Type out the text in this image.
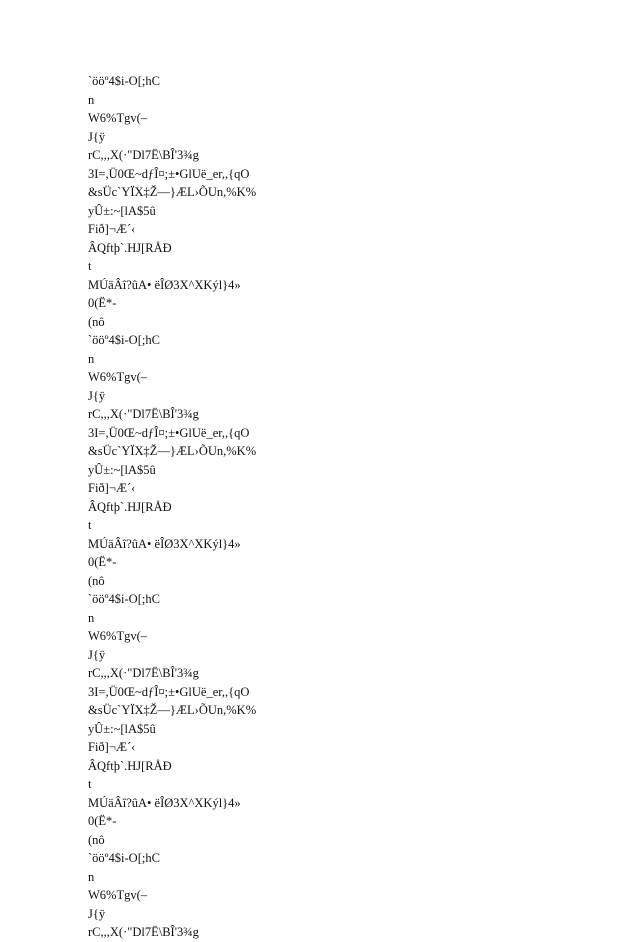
`ööº4$i-O[;hC
n
W6%Tgv(–
J{ÿ
rC,,,X(·"Dl7Ë\BÎ'3¾g
3I=,Ü0Œ~dƒÎ¤;±•GlUë_er,,{qO
&sÜc`YÏX‡Ž—}ÆL›ÕUn,%K%
yÛ±:~[lA$5û
Fið]¬Æ´‹
ÂQftþ`.HJ[RÅÐ
t
MÚäÂî?ûA• ëÎØ3X^XKýl}4»
0(Ë*-
(nô
`ööº4$i-O[;hC
n
W6%Tgv(–
J{ÿ
rC,,,X(·"Dl7Ë\BÎ'3¾g
3I=,Ü0Œ~dƒÎ¤;±•GlUë_er,,{qO
&sÜc`YÏX‡Ž—}ÆL›ÕUn,%K%
yÛ±:~[lA$5û
Fið]¬Æ´‹
ÂQftþ`.HJ[RÅÐ
t
MÚäÂî?ûA• ëÎØ3X^XKýl}4»
0(Ë*-
(nô
`ööº4$i-O[;hC
n
W6%Tgv(–
J{ÿ
rC,,,X(·"Dl7Ë\BÎ'3¾g
3I=,Ü0Œ~dƒÎ¤;±•GlUë_er,,{qO
&sÜc`YÏX‡Ž—}ÆL›ÕUn,%K%
yÛ±:~[lA$5û
Fið]¬Æ´‹
ÂQftþ`.HJ[RÅÐ
t
MÚäÂî?ûA• ëÎØ3X^XKýl}4»
0(Ë*-
(nô
`ööº4$i-O[;hC
n
W6%Tgv(–
J{ÿ
rC,,,X(·"Dl7Ë\BÎ'3¾g
